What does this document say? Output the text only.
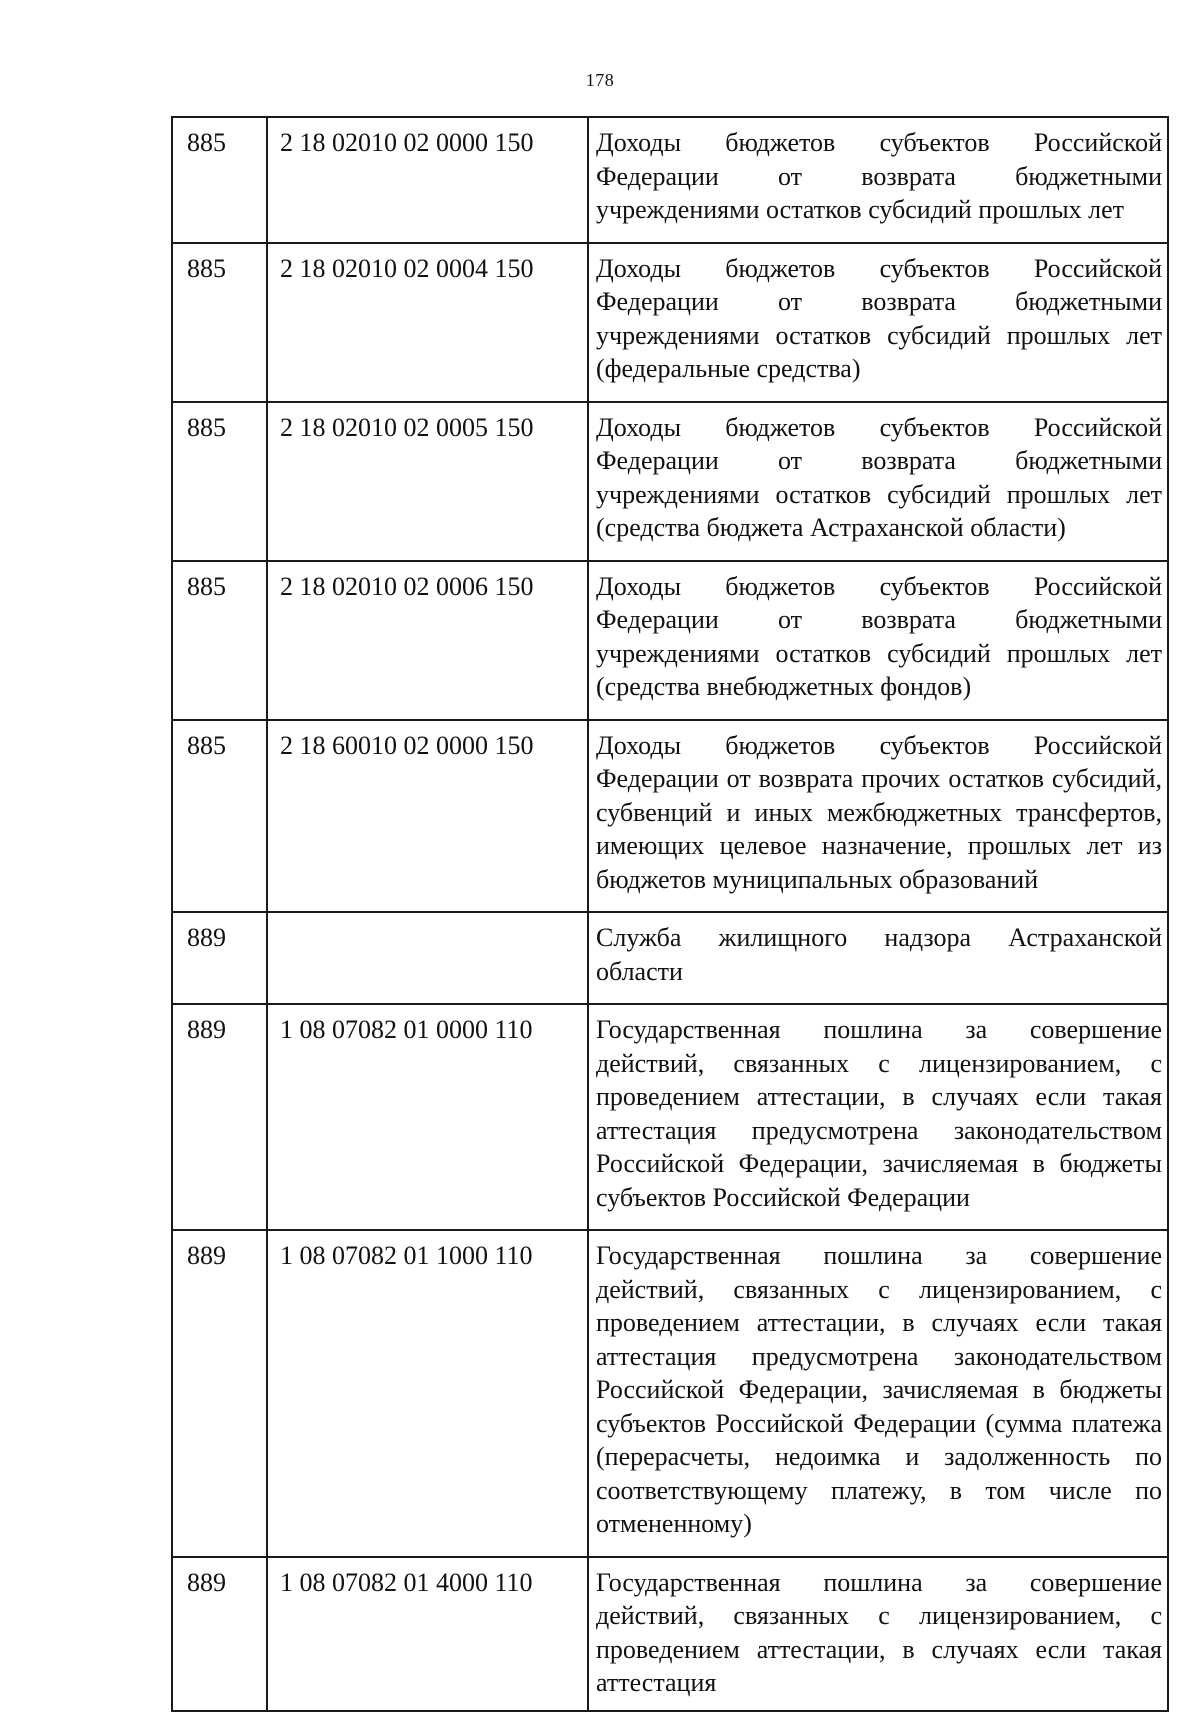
178
885	2 18 02010 02 0000 150	Доходы бюджетов субъектов Российской Федерации от возврата бюджетными учреждениями остатков субсидий прошлых лет
885	2 18 02010 02 0004 150	Доходы бюджетов субъектов Российской Федерации от возврата бюджетными учреждениями остатков субсидий прошлых лет (федеральные средства)
885	2 18 02010 02 0005 150	Доходы бюджетов субъектов Российской Федерации от возврата бюджетными учреждениями остатков субсидий прошлых лет (средства бюджета Астраханской области)
885	2 18 02010 02 0006 150	Доходы бюджетов субъектов Российской Федерации от возврата бюджетными учреждениями остатков субсидий прошлых лет (средства внебюджетных фондов)
885	2 18 60010 02 0000 150	Доходы бюджетов субъектов Российской Федерации от возврата прочих остатков субсидий, субвенций и иных межбюджетных трансфертов, имеющих целевое назначение, прошлых лет из бюджетов муниципальных образований
889		Служба жилищного надзора Астраханской области
889	1 08 07082 01 0000 110	Государственная пошлина за совершение действий, связанных с лицензированием, с проведением аттестации, в случаях если такая аттестация предусмотрена законодательством Российской Федерации, зачисляемая в бюджеты субъектов Российской Федерации
889	1 08 07082 01 1000 110	Государственная пошлина за совершение действий, связанных с лицензированием, с проведением аттестации, в случаях если такая аттестация предусмотрена законодательством Российской Федерации, зачисляемая в бюджеты субъектов Российской Федерации (сумма платежа (перерасчеты, недоимка и задолженность по соответствующему платежу, в том числе по отмененному)
889	1 08 07082 01 4000 110	Государственная пошлина за совершение действий, связанных с лицензированием, с проведением аттестации, в случаях если такая аттестация
